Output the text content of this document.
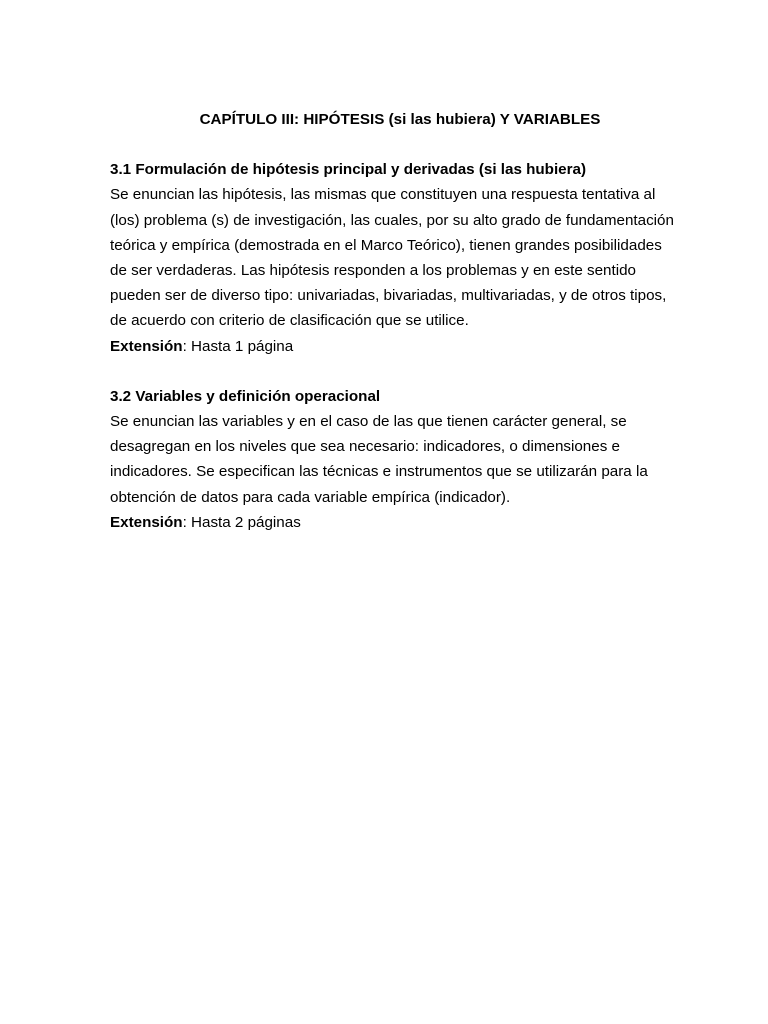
CAPÍTULO III: HIPÓTESIS (si las hubiera) Y VARIABLES

3.1 Formulación de hipótesis principal y derivadas (si las hubiera)

Se enuncian las hipótesis, las mismas que constituyen una respuesta tentativa al
(los) problema (s) de investigación, las cuales, por su alto grado de fundamentación
teórica y empírica (demostrada en el Marco Teórico), tienen grandes posibilidades
de ser verdaderas. Las hipótesis responden a los problemas y en este sentido
pueden ser de diverso tipo: univariadas, bivariadas, multivariadas, y de otros tipos,
de acuerdo con criterio de clasificación que se utilice.

Extensión: Hasta 1 página

3.2 Variables y definición operacional

Se enuncian las variables y en el caso de las que tienen carácter general, se
desagregan en los niveles que sea necesario: indicadores, o dimensiones e
indicadores. Se especifican las técnicas e instrumentos que se utilizarán para la
obtención de datos para cada variable empírica (indicador).

Extensión: Hasta 2 páginas
